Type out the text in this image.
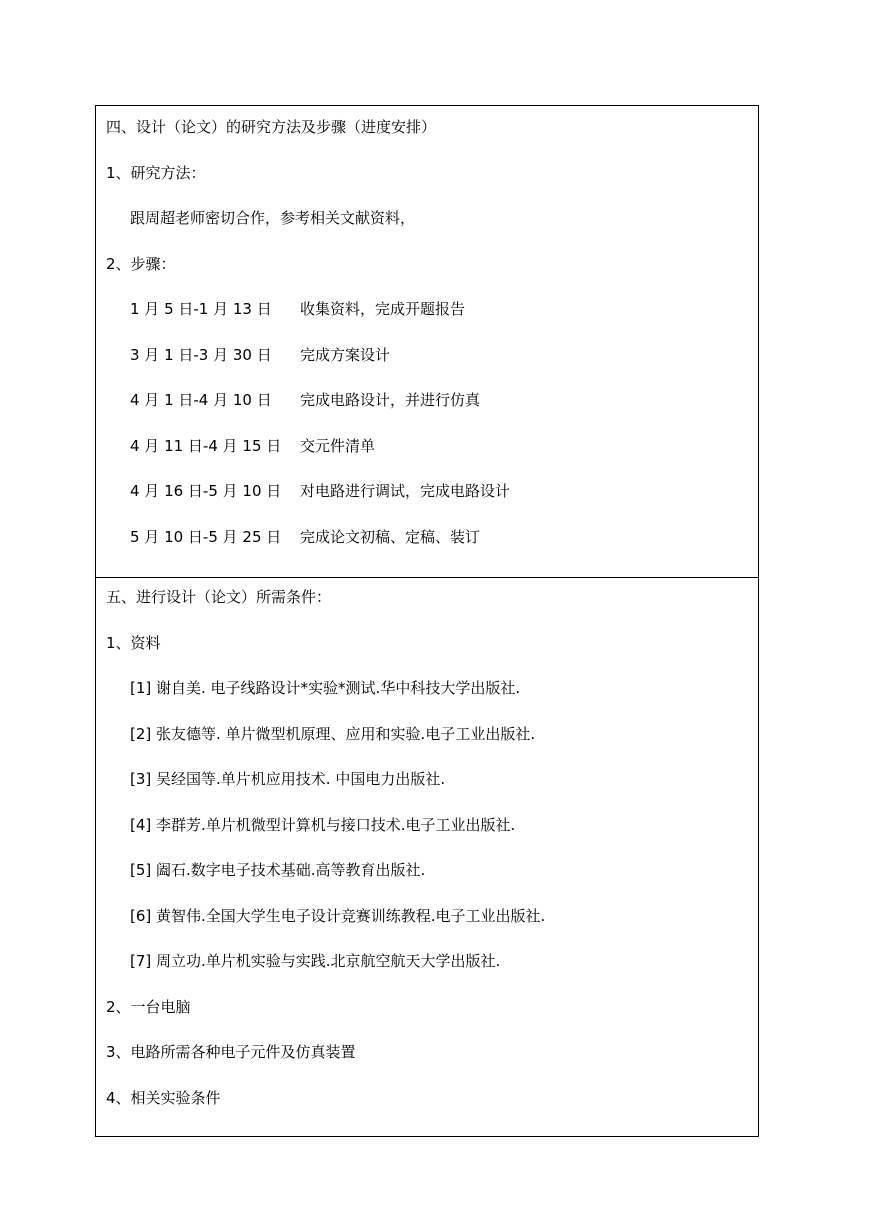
四、设计（论文）的研究方法及步骤（进度安排）
1、研究方法：
跟周超老师密切合作，参考相关文献资料，
2、步骤：
1 月 5 日-1 月 13 日 收集资料，完成开题报告
3 月 1 日-3 月 30 日 完成方案设计
4 月 1 日-4 月 10 日 完成电路设计，并进行仿真
4 月 11 日-4 月 15 日 交元件清单
4 月 16 日-5 月 10 日 对电路进行调试，完成电路设计
5 月 10 日-5 月 25 日 完成论文初稿、定稿、装订
五、进行设计（论文）所需条件：
1、资料
[1] 谢自美. 电子线路设计*实验*测试.华中科技大学出版社.
[2] 张友德等. 单片微型机原理、应用和实验.电子工业出版社.
[3] 吴经国等.单片机应用技术. 中国电力出版社.
[4] 李群芳.单片机微型计算机与接口技术.电子工业出版社.
[5] 阖石.数字电子技术基础.高等教育出版社.
[6] 黄智伟.全国大学生电子设计竞赛训练教程.电子工业出版社.
[7] 周立功.单片机实验与实践.北京航空航天大学出版社.
2、一台电脑
3、电路所需各种电子元件及仿真装置
4、相关实验条件
